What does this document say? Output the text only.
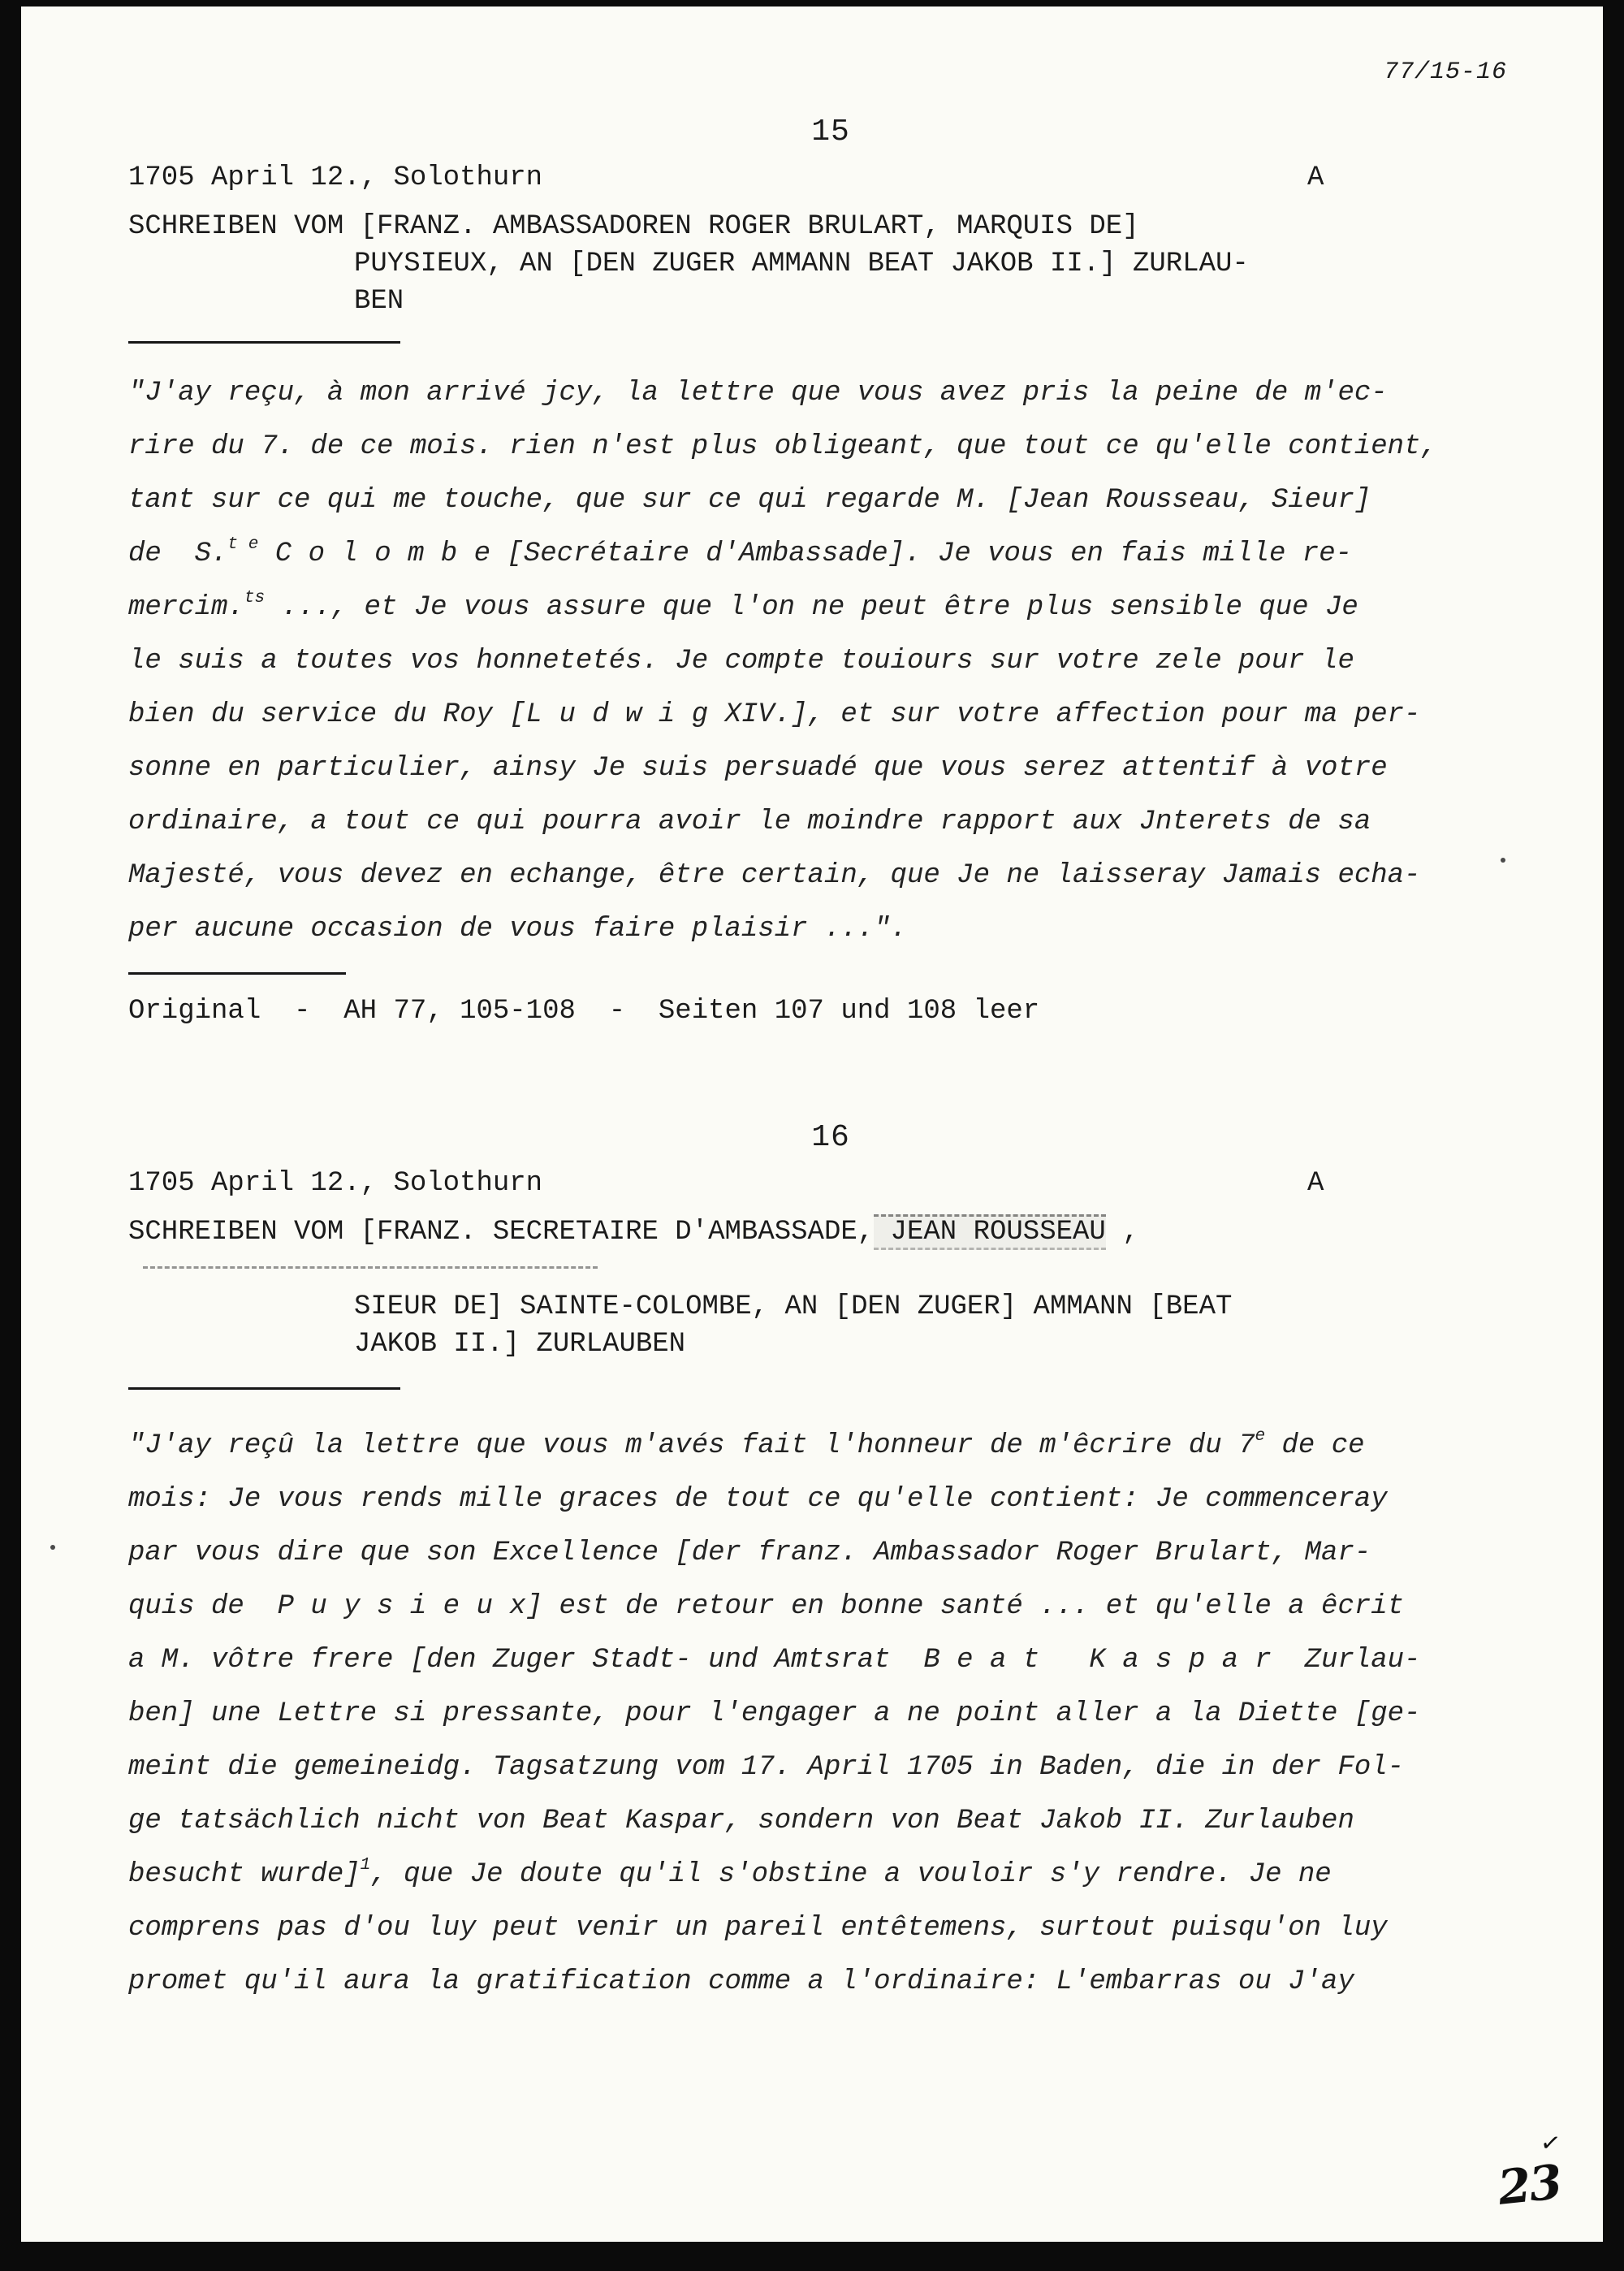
77/15-16
15
1705 April 12., Solothurn	A
SCHREIBEN VOM [FRANZ. AMBASSADOREN ROGER BRULART, MARQUIS DE]
PUYSIEUX, AN [DEN ZUGER AMMANN BEAT JAKOB II.] ZURLAU-
BEN
"J'ay reçu, à mon arrivé jcy, la lettre que vous avez pris la peine de m'ec-
rire du 7. de ce mois. rien n'est plus obligeant, que tout ce qu'elle contient,
tant sur ce qui me touche, que sur ce qui regarde M. [Jean Rousseau, Sieur]
de  S.$^{t e}$ C o l o m b e [Secrétaire d'Ambassade]. Je vous en fais mille re-
mercim.$^{ts}$ ..., et Je vous assure que l'on ne peut être plus sensible que Je
le suis a toutes vos honnetetés. Je compte touiours sur votre zele pour le
bien du service du Roy [L u d w i g XIV.], et sur votre affection pour ma per-
sonne en particulier, ainsy Je suis persuadé que vous serez attentif à votre
ordinaire, a tout ce qui pourra avoir le moindre rapport aux Jnterets de sa
Majesté, vous devez en echange, être certain, que Je ne laisseray Jamais echa-
per aucune occasion de vous faire plaisir ...".
Original  -  AH 77, 105-108  -  Seiten 107 und 108 leer
16
1705 April 12., Solothurn	A
SCHREIBEN VOM [FRANZ. SECRETAIRE D'AMBASSADE, JEAN ROUSSEAU ,
SIEUR DE] SAINTE-COLOMBE, AN [DEN ZUGER] AMMANN [BEAT
JAKOB II.] ZURLAUBEN
"J'ay reçû la lettre que vous m'avés fait l'honneur de m'êcrire du 7e de ce
mois: Je vous rends mille graces de tout ce qu'elle contient: Je commenceray
par vous dire que son Excellence [der franz. Ambassador Roger Brulart, Mar-
quis de  P u y s i e u x] est de retour en bonne santé ... et qu'elle a êcrit
a M. vôtre frere [den Zuger Stadt- und Amtsrat  B e a t   K a s p a r  Zurlau-
ben] une Lettre si pressante, pour l'engager a ne point aller a la Diette [ge-
meint die gemeineidg. Tagsatzung vom 17. April 1705 in Baden, die in der Fol-
ge tatsächlich nicht von Beat Kaspar, sondern von Beat Jakob II. Zurlauben
besucht wurde]$^1$, que Je doute qu'il s'obstine a vouloir s'y rendre. Je ne
comprens pas d'ou luy peut venir un pareil entêtemens, surtout puisqu'on luy
promet qu'il aura la gratification comme a l'ordinaire: L'embarras ou J'ay
✓
23
